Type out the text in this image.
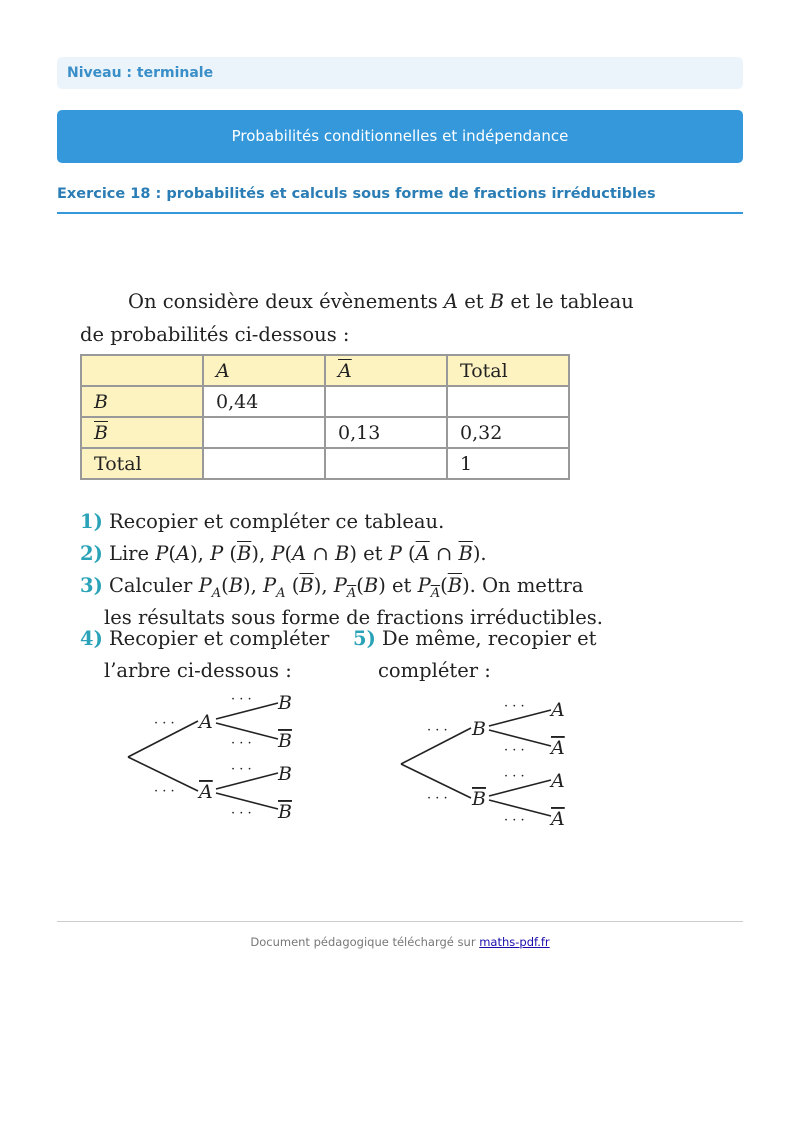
Niveau : terminale
Probabilités conditionnelles et indépendance
Exercice 18 : probabilités et calculs sous forme de fractions irréductibles
On considère deux évènements A et B et le tableau
de probabilités ci-dessous :
	A	$\overline{A}$	Total
B	0,44		
$\overline{B}$		0,13	0,32
Total			1
1) Recopier et compléter ce tableau.
2) Lire P(A), P $(\overline{B})$, P(A ∩ B) et P ($\overline{A}$ ∩ $\overline{B}$).
3) Calculer $P_A(B)$, $P_A$ $(\overline{B})$, $P_{\overline{A}}(B)$ et $P_{\overline{A}}(\overline{B})$. On mettra
les résultats sous forme de fractions irréductibles.
4) Recopier et compléter
l’arbre ci-dessous :
5) De même, recopier et
compléter :
A
A
B
B
B
B
· · ·
· · ·
· · ·
· · ·
· · ·
· · ·
B
B
A
A
A
A
· · ·
· · ·
· · ·
· · ·
· · ·
· · ·
Document pédagogique téléchargé sur maths-pdf.fr
